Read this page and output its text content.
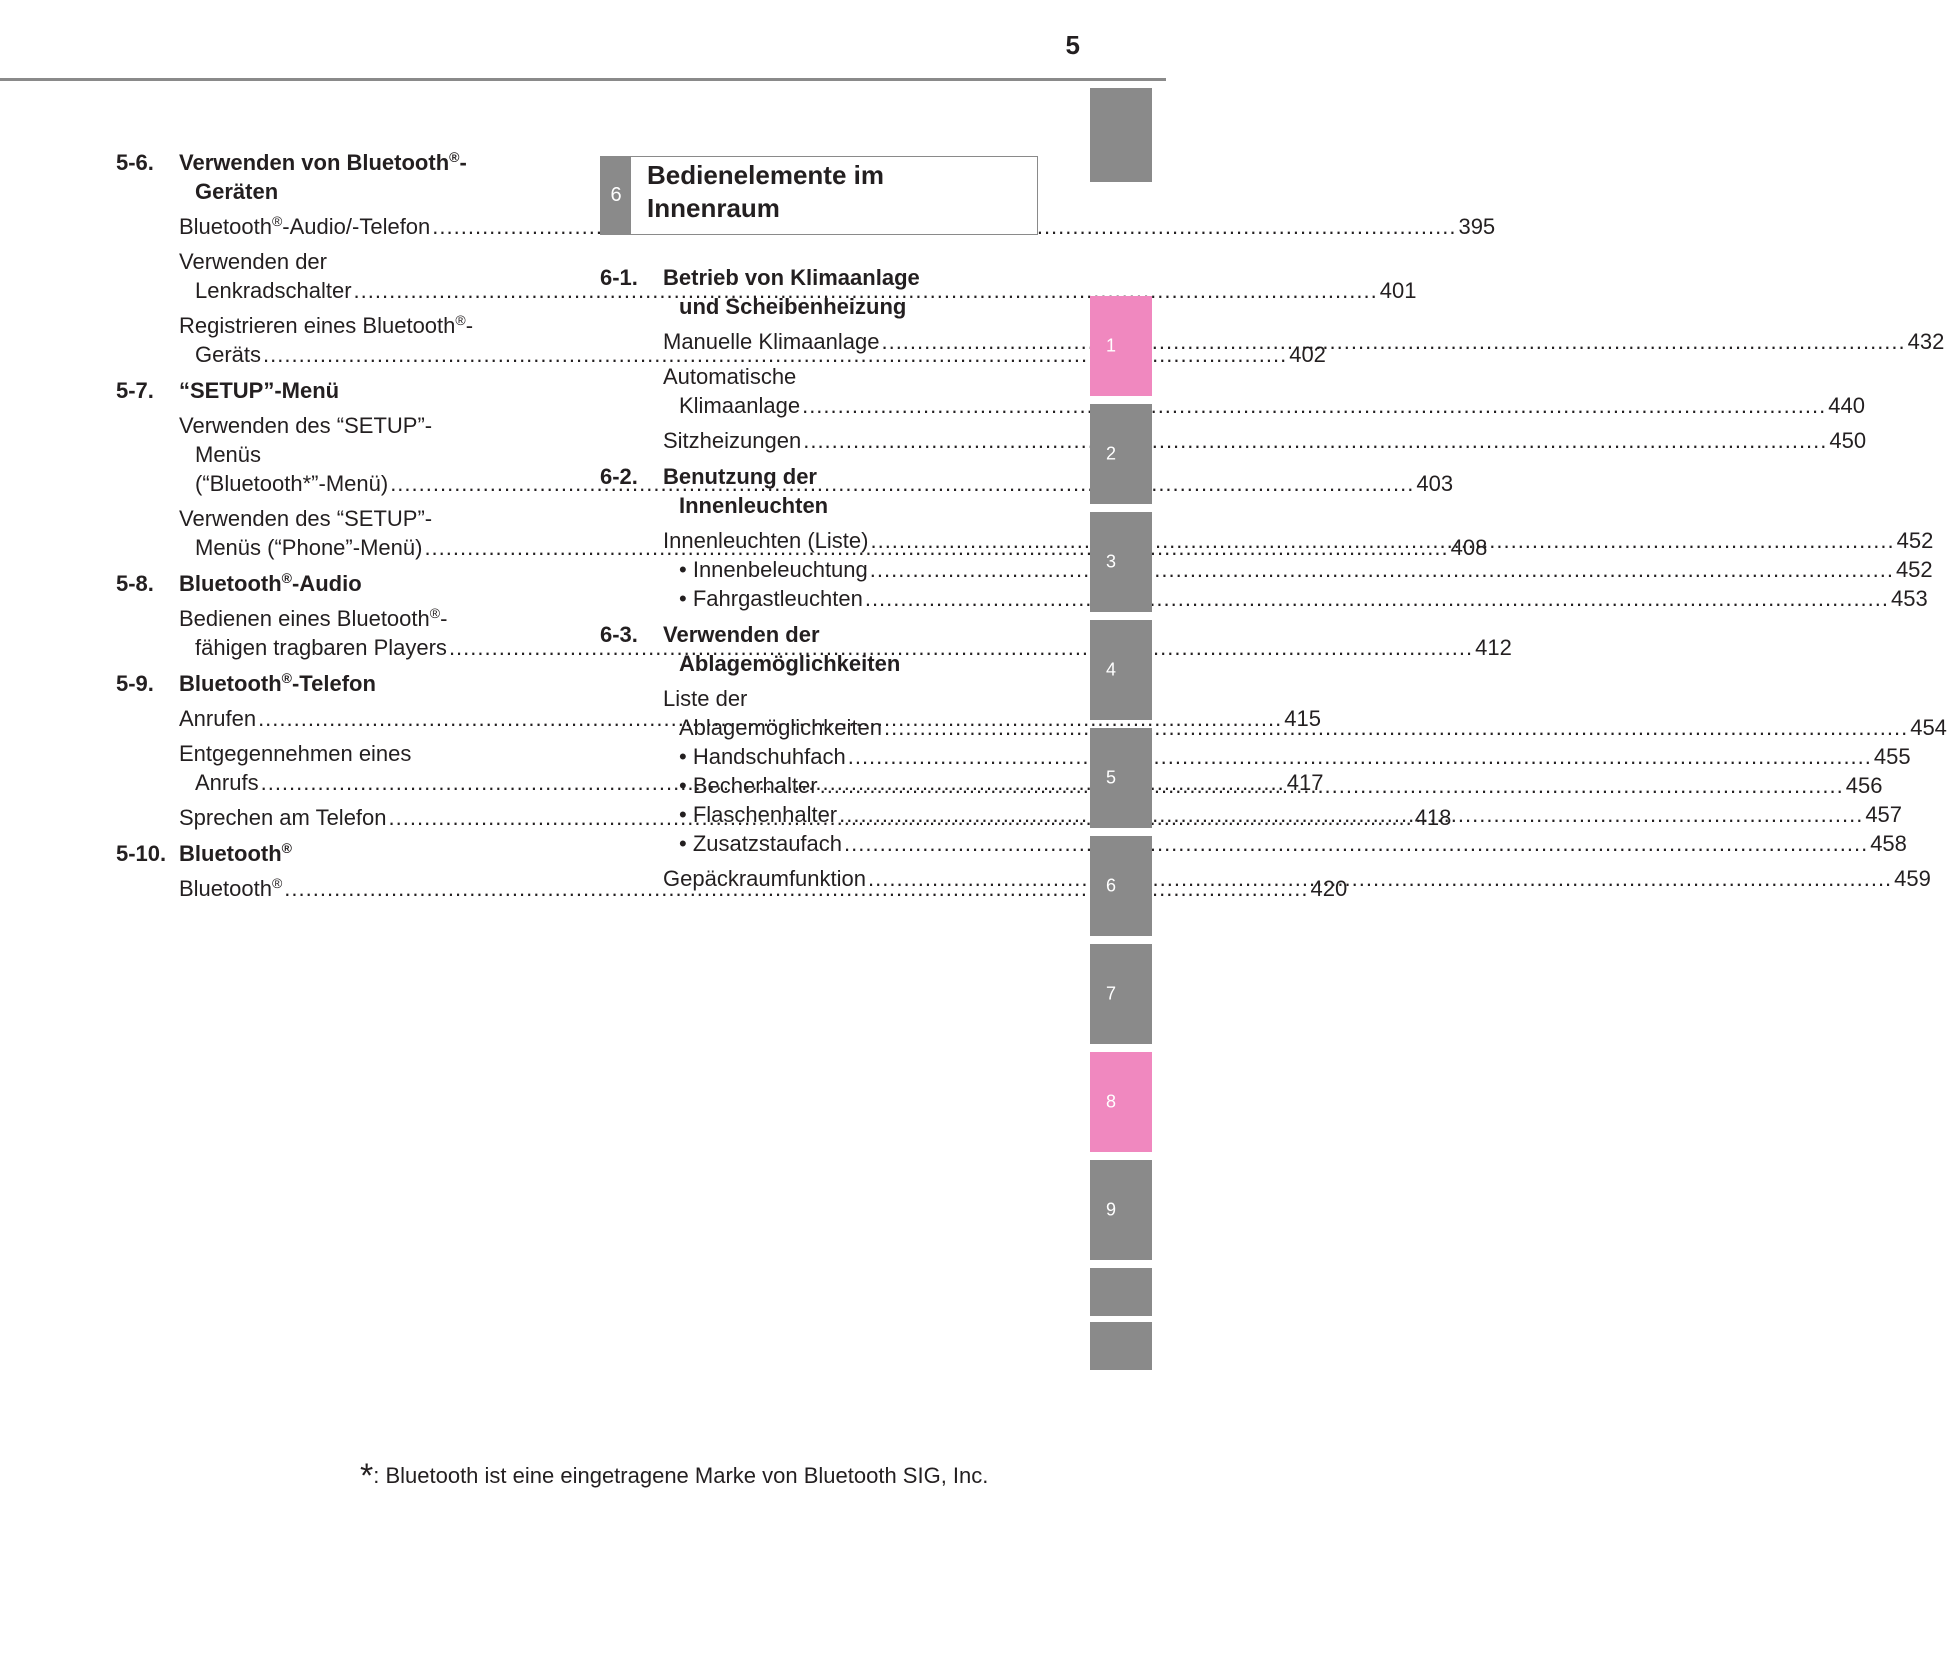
5
5-6.	Verwenden von Bluetooth®-
Geräten
Bluetooth®-Audio/-Telefon .....	395
Verwenden der
Lenkradschalter .....	401
Registrieren eines Bluetooth®-
Geräts .....	402
5-7.	“SETUP”-Menü
Verwenden des “SETUP”-
Menüs
(“Bluetooth*”-Menü) .....	403
Verwenden des “SETUP”-
Menüs (“Phone”-Menü) .....	408
5-8.	Bluetooth®-Audio
Bedienen eines Bluetooth®-
fähigen tragbaren Players .....	412
5-9.	Bluetooth®-Telefon
Anrufen .....	415
Entgegennehmen eines
Anrufs .....	417
Sprechen am Telefon .....	418
5-10. Bluetooth®
Bluetooth® .....	420
6
Bedienelemente im
Innenraum
6-1.	Betrieb von Klimaanlage
und Scheibenheizung
Manuelle Klimaanlage .....	432
Automatische
Klimaanlage .....	440
Sitzheizungen .....	450
6-2.	Benutzung der
Innenleuchten
Innenleuchten (Liste) .....	452
• Innenbeleuchtung .....	452
• Fahrgastleuchten .....	453
6-3.	Verwenden der
Ablagemöglichkeiten
Liste der
Ablagemöglichkeiten .....	454
• Handschuhfach .....	455
• Becherhalter .....	456
• Flaschenhalter .....	457
• Zusatzstaufach .....	458
Gepäckraumfunktion .....	459
1
2
3
4
5
6
7
8
9
*: Bluetooth ist eine eingetragene Marke von Bluetooth SIG, Inc.
